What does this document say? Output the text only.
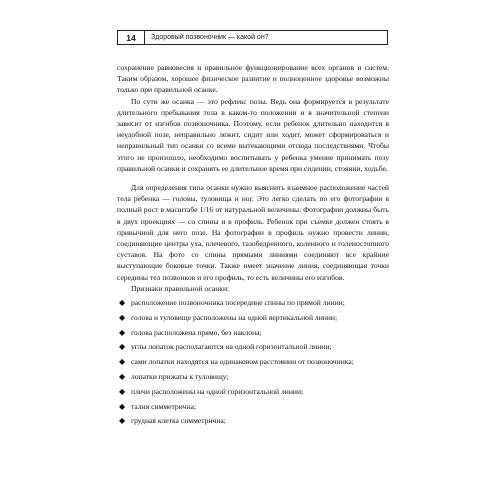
14	Здоровый позвоночник — какой он?

сохранение равновесия и правильное функционирование всех органов и систем. Таким образом, хорошее физическое развитие и полноценное здоровье возможны только при правильной осанке.

По сути же осанка — это рефлекс позы. Ведь она формируется в результате длительного пребывания тела в каком-то положении и в значительной степени зависит от изгибов позвоночника. Поэтому, если ребенок длительно находится в неудобной позе, неправильно лежит, сидит или ходит, может сформироваться и неправильный тип осанки со всеми вытекающими отсюда последствиями. Чтобы этого не произошло, необходимо воспитывать у ребенка умение принимать позу правильной осанки и сохранять ее длительное время при сидении, стоянии, ходьбе.

Для определения типа осанки нужно выяснить взаимное расположение частей тела ребенка — головы, туловища и ног. Это легко сделать по его фотографии в полный рост в масштабе 1/16 от натуральной величины. Фотографии должны быть в двух проекциях — со спины и в профиль. Ребенок при съемке должен стоять в привычной для него позе. На фотографии в профиль нужно провести линии, соединяющие центры уха, плечевого, тазобедренного, коленного и голеностопного суставов. На фото со спины прямыми линиями соединяют все крайние выступающие боковые точки. Также имеет значение линия, соединяющая точки середины тел позвонков и его профиль, то есть величины его изгибов.

Признаки правильной осанки:

◆ расположение позвоночника посередине спины по прямой линии;
◆ голова и туловище расположены на одной вертикальной линии;
◆ голова расположена прямо, без наклона;
◆ углы лопаток располагаются на одной горизонтальной линии;
◆ сами лопатки находятся на одинаковом расстоянии от позвоночника;
◆ лопатки прижаты к туловищу;
◆ плечи расположены на одной горизонтальной линии;
◆ талия симметрична;
◆ грудная клетка симметрична;
